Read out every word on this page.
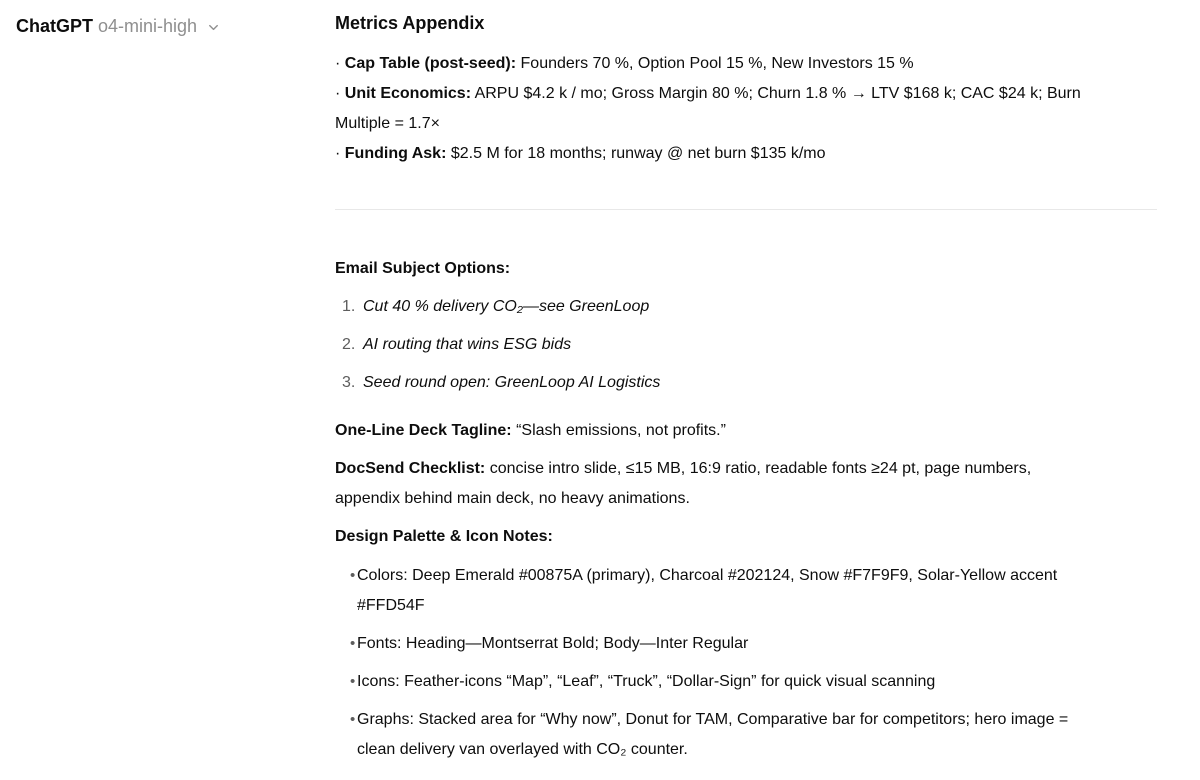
ChatGPT o4-mini-high	Metrics Appendix

· Cap Table (post-seed): Founders 70 %, Option Pool 15 %, New Investors 15 %

· Unit Economics: ARPU $4.2 k / mo; Gross Margin 80 %; Churn 1.8 % → LTV $168 k; CAC $24 k; Burn
Multiple = 1.7×

· Funding Ask: $2.5 M for 18 months; runway @ net burn $135 k/mo

Email Subject Options:

1. Cut 40 % delivery CO₂—see GreenLoop
2. AI routing that wins ESG bids
3. Seed round open: GreenLoop AI Logistics

One-Line Deck Tagline: “Slash emissions, not profits.”

DocSend Checklist: concise intro slide, ≤15 MB, 16:9 ratio, readable fonts ≥24 pt, page numbers,
appendix behind main deck, no heavy animations.

Design Palette & Icon Notes:

• Colors: Deep Emerald #00875A (primary), Charcoal #202124, Snow #F7F9F9, Solar-Yellow accent
#FFD54F
• Fonts: Heading—Montserrat Bold; Body—Inter Regular
• Icons: Feather-icons “Map”, “Leaf”, “Truck”, “Dollar-Sign” for quick visual scanning
• Graphs: Stacked area for “Why now”, Donut for TAM, Comparative bar for competitors; hero image =
clean delivery van overlayed with CO₂ counter.
